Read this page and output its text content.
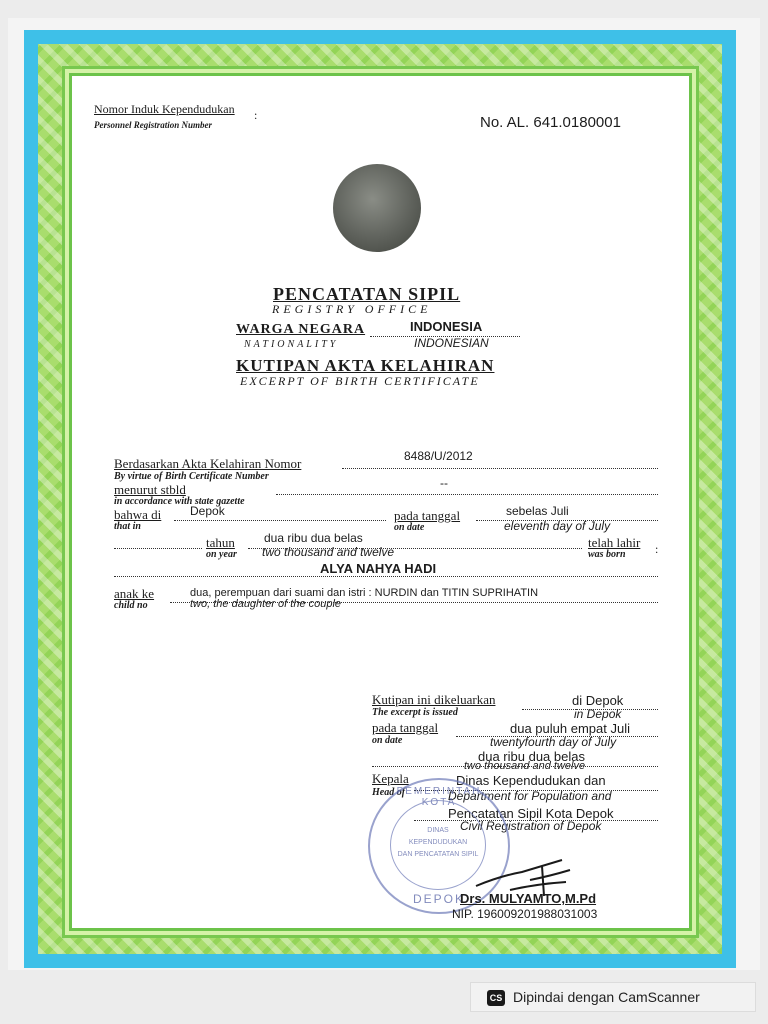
Nomor Induk Kependudukan
Personnel Registration Number
:	No. AL. 641.0180001
PENCATATAN SIPIL
REGISTRY OFFICE
WARGA NEGARA
NATIONALITY
INDONESIA
INDONESIAN
KUTIPAN AKTA KELAHIRAN
EXCERPT OF BIRTH CERTIFICATE
Berdasarkan Akta Kelahiran Nomor
By virtue of Birth Certificate Number
8488/U/2012
menurut stbld
in accordance with state gazette
--
bahwa di
that in
Depok	pada tanggal
on date
sebelas Juli
eleventh day of July
tahun
on year
dua ribu dua belas
two thousand and twelve
telah lahir
was born :
ALYA NAHYA HADI
anak ke
child no
dua, perempuan dari suami dan istri : NURDIN dan TITIN SUPRIHATIN
two, the daughter of the couple
Kutipan ini dikeluarkan
The excerpt is issued
di Depok
in Depok
pada tanggal
on date
dua puluh empat Juli
twentyfourth day of July
dua ribu dua belas
two thousand and twelve
Kepala
Head of
Dinas Kependudukan dan
Department for Population and
Pencatatan Sipil Kota Depok
Civil Registration of Depok
DINAS
KEPENDUDUKAN
DAN PENCATATAN SIPIL
PEMERINTAH KOTA
DEPOK
Drs. MULYAMTO,M.Pd
NIP. 196009201988031003
CS Dipindai dengan CamScanner
